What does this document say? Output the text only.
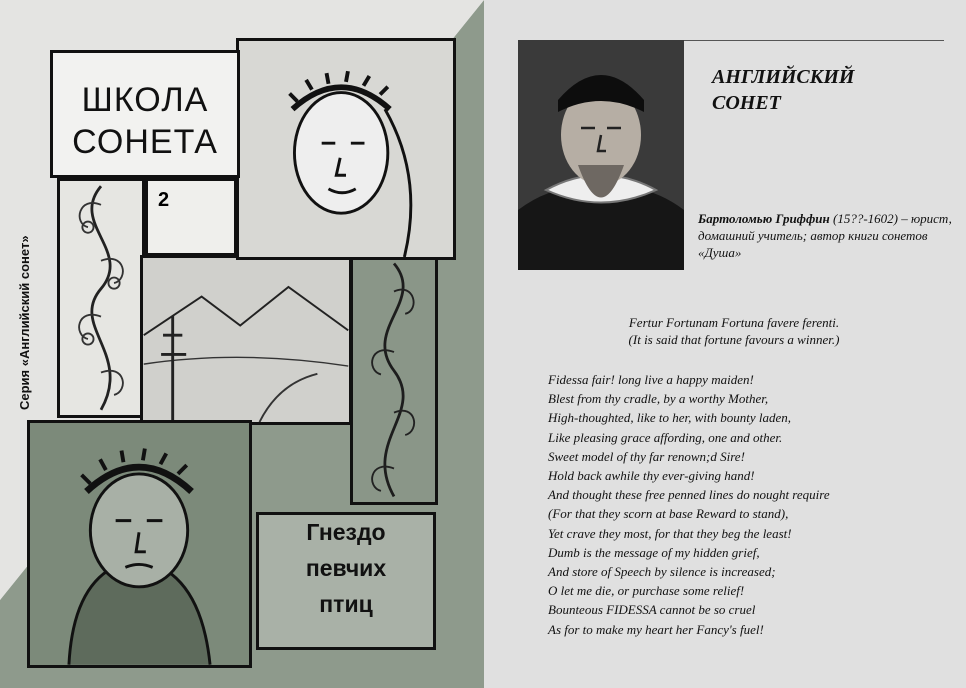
ШКОЛА
СОНЕТА
2
Гнездо
певчих
птиц
Серия «Английский сонет»
АНГЛИЙСКИЙ
СОНЕТ
Бартоломью Гриффин (15??-1602) – юрист, домашний учитель; автор книги сонетов «Душа»
Fertur Fortunam Fortuna favere ferenti.
(It is said that fortune favours a winner.)
Fidessa fair! long live a happy maiden!
Blest from thy cradle, by a worthy Mother,
High-thoughted, like to her, with bounty laden,
Like pleasing grace affording, one and other.
Sweet model of thy far renown;d Sire!
Hold back awhile thy ever-giving hand!
And thought these free penned lines do nought require
(For that they scorn at base Reward to stand),
Yet crave they most, for that they beg the least!
Dumb is the message of my hidden grief,
And store of Speech by silence is increased;
O let me die, or purchase some relief!
Bounteous FIDESSA cannot be so cruel
As for to make my heart her Fancy's fuel!
